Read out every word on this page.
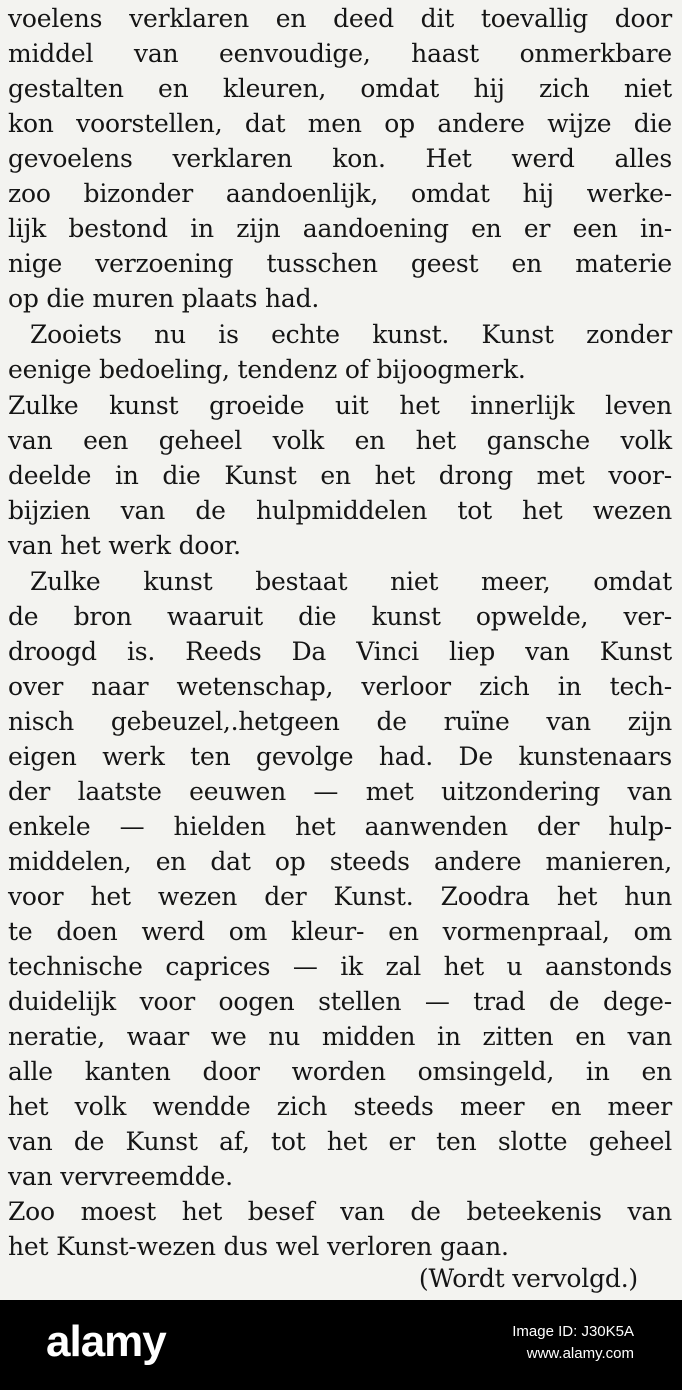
voelens verklaren en deed dit toevallig door
middel van eenvoudige, haast onmerkbare
gestalten en kleuren, omdat hij zich niet
kon voorstellen, dat men op andere wijze die
gevoelens verklaren kon. Het werd alles
zoo bizonder aandoenlijk, omdat hij werke-
lijk bestond in zijn aandoening en er een in-
nige verzoening tusschen geest en materie
op die muren plaats had.
Zooiets nu is echte kunst. Kunst zonder
eenige bedoeling, tendenz of bijoogmerk.
Zulke kunst groeide uit het innerlijk leven
van een geheel volk en het gansche volk
deelde in die Kunst en het drong met voor-
bijzien van de hulpmiddelen tot het wezen
van het werk door.
Zulke kunst bestaat niet meer, omdat
de bron waaruit die kunst opwelde, ver-
droogd is. Reeds Da Vinci liep van Kunst
over naar wetenschap, verloor zich in tech-
nisch gebeuzel,.hetgeen de ruïne van zijn
eigen werk ten gevolge had. De kunstenaars
der laatste eeuwen — met uitzondering van
enkele — hielden het aanwenden der hulp-
middelen, en dat op steeds andere manieren,
voor het wezen der Kunst. Zoodra het hun
te doen werd om kleur- en vormenpraal, om
technische caprices — ik zal het u aanstonds
duidelijk voor oogen stellen — trad de dege-
neratie, waar we nu midden in zitten en van
alle kanten door worden omsingeld, in en
het volk wendde zich steeds meer en meer
van de Kunst af, tot het er ten slotte geheel
van vervreemdde.
Zoo moest het besef van de beteekenis van
het Kunst-wezen dus wel verloren gaan.
(Wordt vervolgd.)
alamy	Image ID: J30K5A
www.alamy.com
